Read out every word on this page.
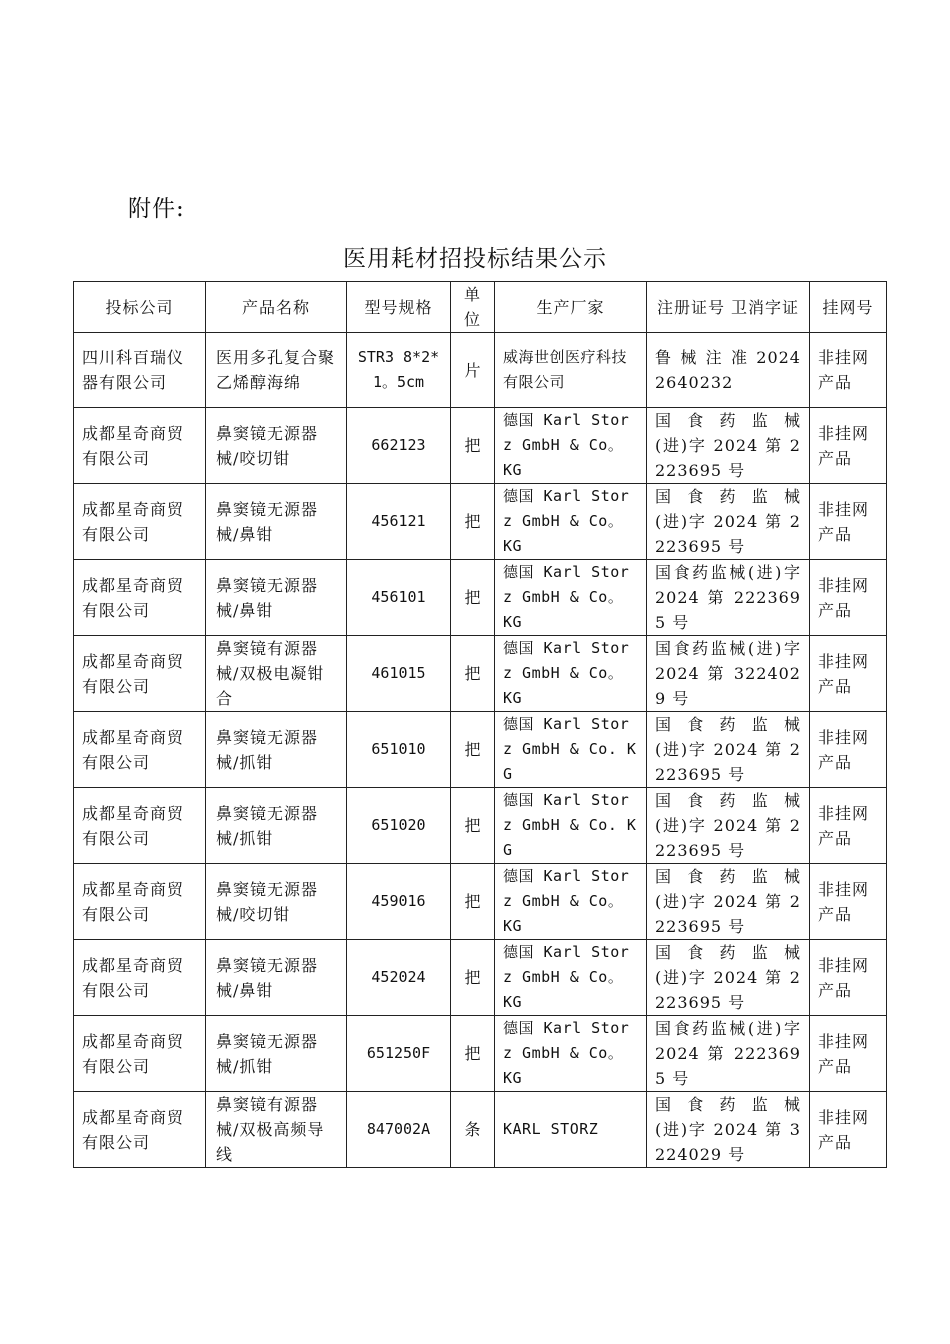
附件:
医用耗材招投标结果公示
投标公司	产品名称	型号规格	单位	生产厂家	注册证号 卫消字证	挂网号
四川科百瑞仪器有限公司	医用多孔复合聚乙烯醇海绵	STR3 8*2*1。5cm	片	威海世创医疗科技有限公司	鲁 械 注 准 20242640232	非挂网产品
成都星奇商贸有限公司	鼻窦镜无源器械/咬切钳	662123	把	德国 Karl Storz GmbH & Co。 KG	国 食 药 监 械 (进)字 2024 第 2223695 号	非挂网产品
成都星奇商贸有限公司	鼻窦镜无源器械/鼻钳	456121	把	德国 Karl Storz GmbH & Co。 KG	国 食 药 监 械 (进)字 2024 第 2223695 号	非挂网产品
成都星奇商贸有限公司	鼻窦镜无源器械/鼻钳	456101	把	德国 Karl Storz GmbH & Co。 KG	国食药监械(进)字 2024 第 2223695 号	非挂网产品
成都星奇商贸有限公司	鼻窦镜有源器械/双极电凝钳合	461015	把	德国 Karl Storz GmbH & Co。 KG	国食药监械(进)字 2024 第 3224029 号	非挂网产品
成都星奇商贸有限公司	鼻窦镜无源器械/抓钳	651010	把	德国 Karl Storz GmbH & Co. KG	国 食 药 监 械 (进)字 2024 第 2223695 号	非挂网产品
成都星奇商贸有限公司	鼻窦镜无源器械/抓钳	651020	把	德国 Karl Storz GmbH & Co. KG	国 食 药 监 械 (进)字 2024 第 2223695 号	非挂网产品
成都星奇商贸有限公司	鼻窦镜无源器械/咬切钳	459016	把	德国 Karl Storz GmbH & Co。 KG	国 食 药 监 械 (进)字 2024 第 2223695 号	非挂网产品
成都星奇商贸有限公司	鼻窦镜无源器械/鼻钳	452024	把	德国 Karl Storz GmbH & Co。 KG	国 食 药 监 械 (进)字 2024 第 2223695 号	非挂网产品
成都星奇商贸有限公司	鼻窦镜无源器械/抓钳	651250F	把	德国 Karl Storz GmbH & Co。 KG	国食药监械(进)字 2024 第 2223695 号	非挂网产品
成都星奇商贸有限公司	鼻窦镜有源器械/双极高频导线	847002A	条	KARL STORZ	国 食 药 监 械 (进)字 2024 第 3224029 号	非挂网产品
